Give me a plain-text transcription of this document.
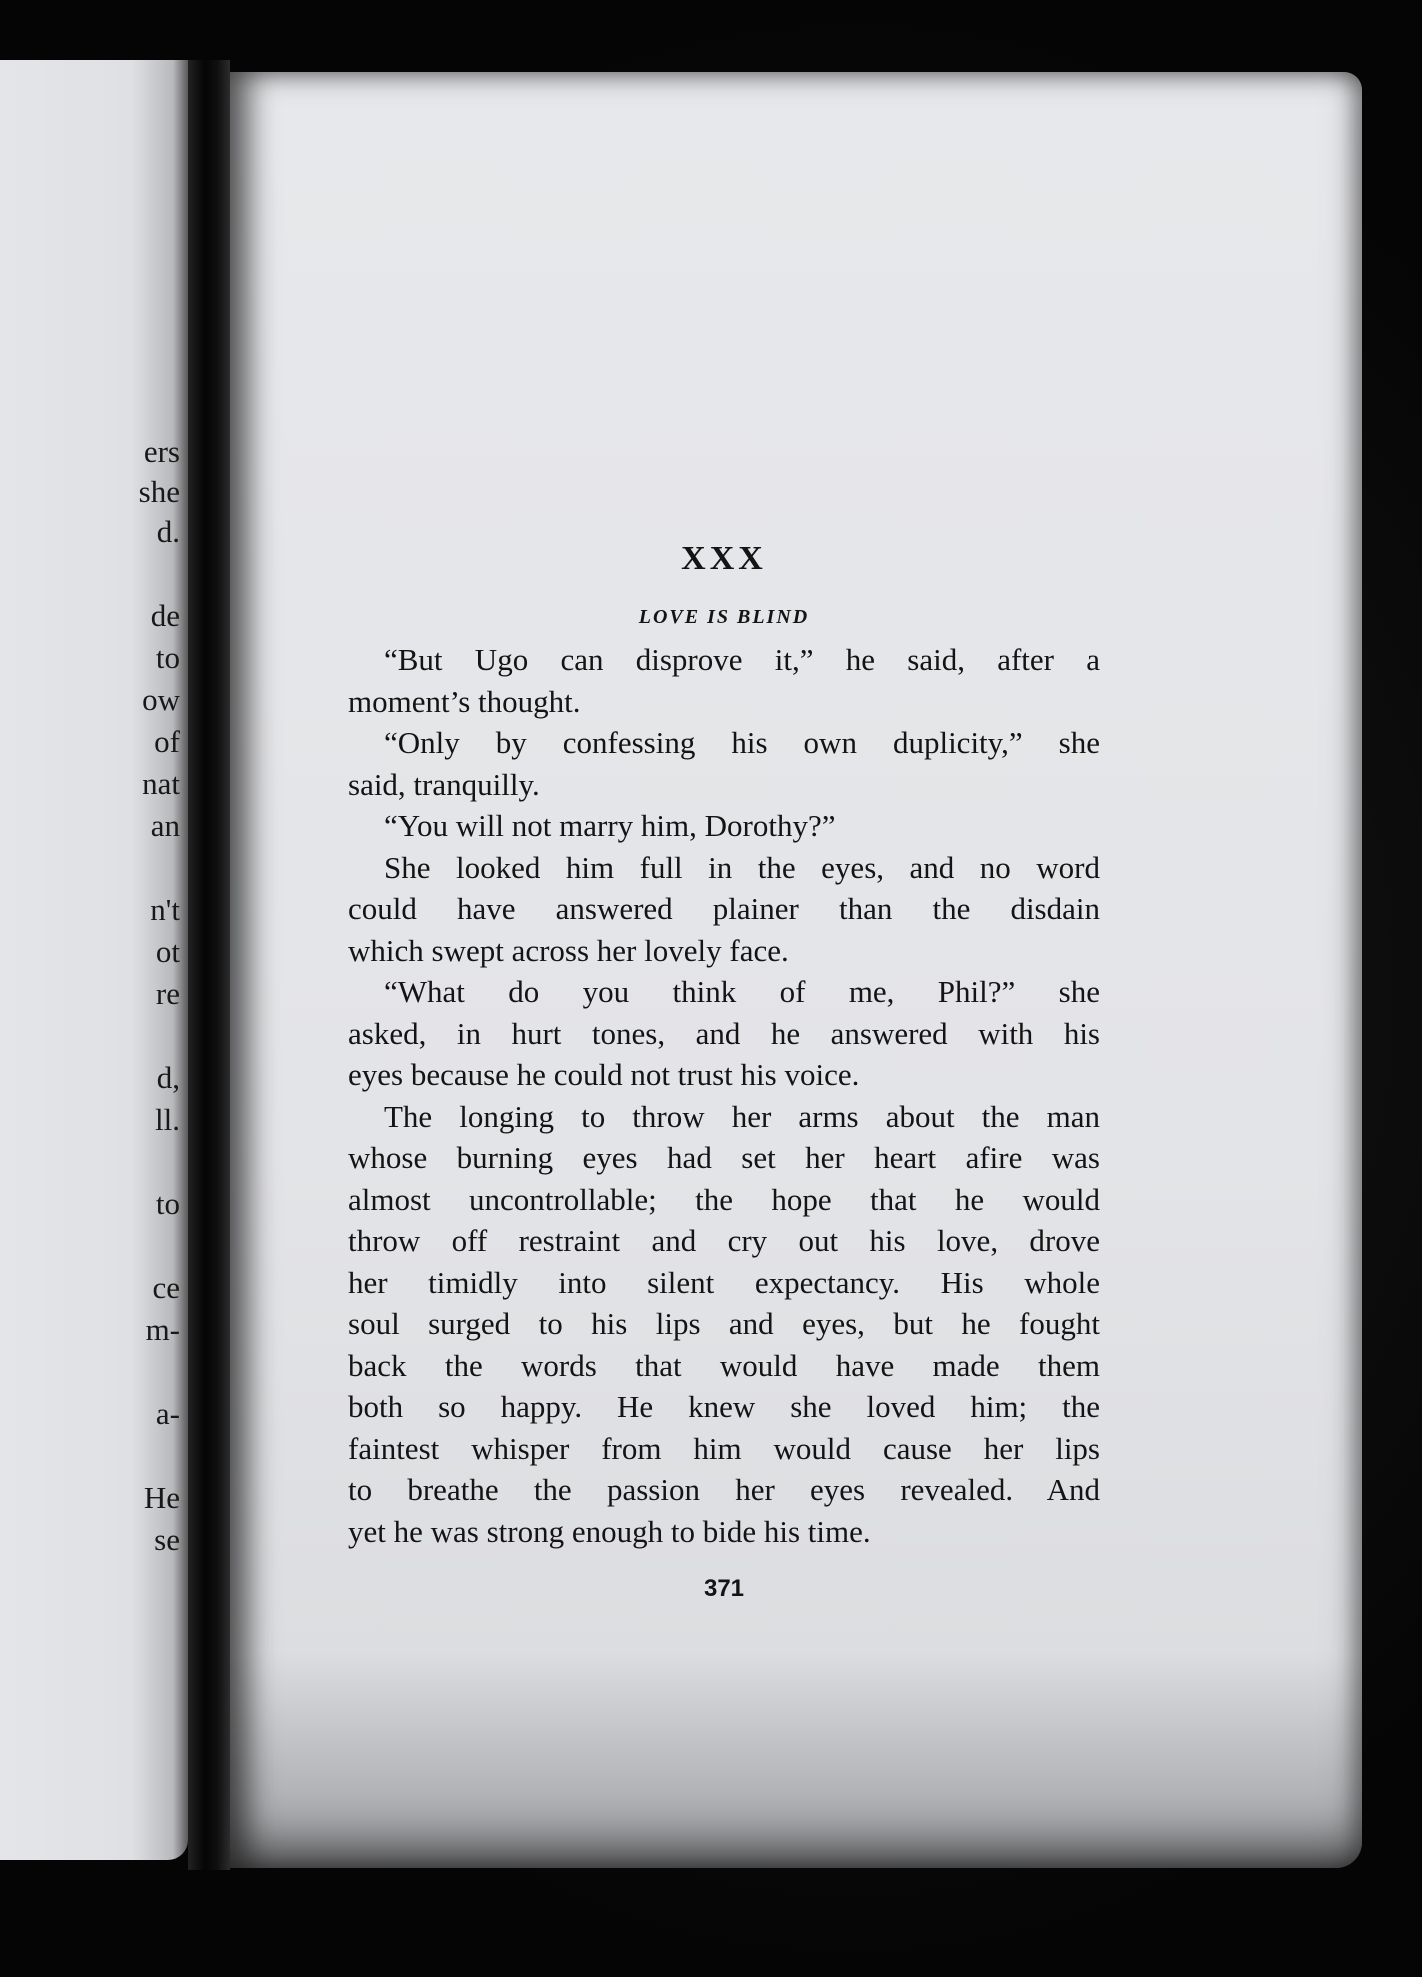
ers
she
d.
de
to
ow
of
nat
an
n't
ot
re
d,
ll.
to
ce
m-
a-
He
se
XXX
LOVE IS BLIND
“But Ugo can disprove it,” he said, after a
moment’s thought.
“Only by confessing his own duplicity,” she
said, tranquilly.
“You will not marry him, Dorothy?”
She looked him full in the eyes, and no word
could have answered plainer than the disdain
which swept across her lovely face.
“What do you think of me, Phil?” she
asked, in hurt tones, and he answered with his
eyes because he could not trust his voice.
The longing to throw her arms about the man
whose burning eyes had set her heart afire was
almost uncontrollable; the hope that he would
throw off restraint and cry out his love, drove
her timidly into silent expectancy. His whole
soul surged to his lips and eyes, but he fought
back the words that would have made them
both so happy. He knew she loved him; the
faintest whisper from him would cause her lips
to breathe the passion her eyes revealed. And
yet he was strong enough to bide his time.
371
